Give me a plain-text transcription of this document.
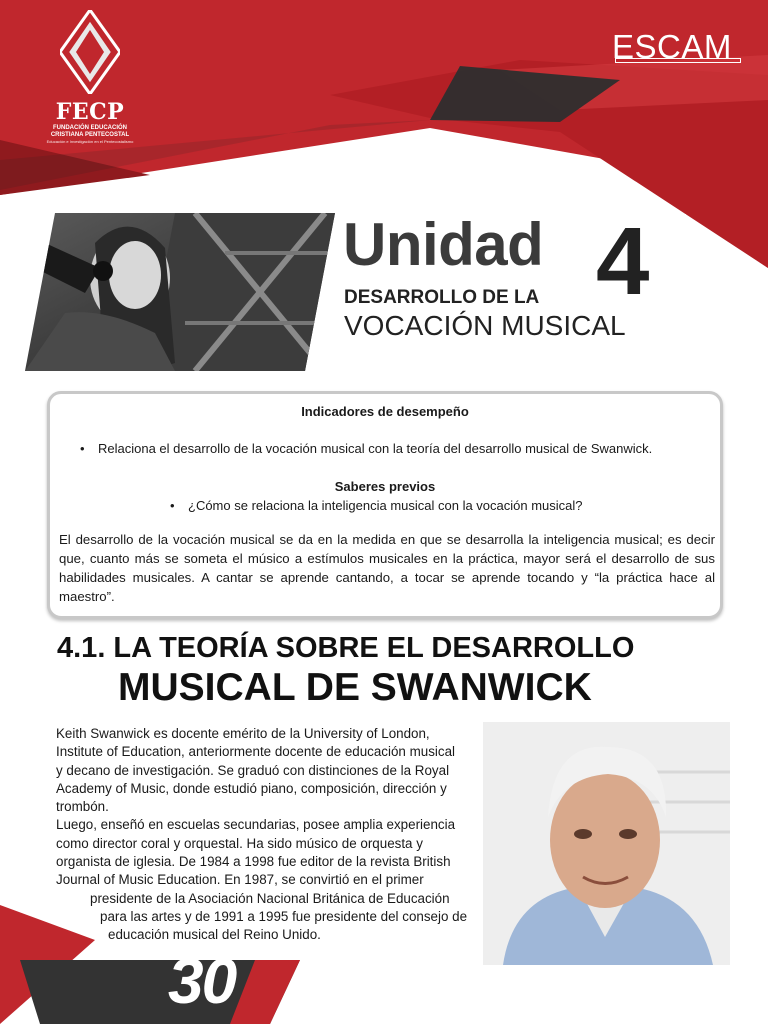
FECP
FUNDACIÓN EDUCACIÓN
CRISTIANA PENTECOSTAL
Educación e Investigación en el Pentecostalismo
ESCAM
Unidad 4
DESARROLLO DE LA
VOCACIÓN MUSICAL
Indicadores de desempeño
• Relaciona el desarrollo de la vocación musical con la teoría del desarrollo musical de Swanwick.
Saberes previos
• ¿Cómo se relaciona la inteligencia musical con la vocación musical?
El desarrollo de la vocación musical se da en la medida en que se desarrolla la inteligencia musical; es decir que, cuanto más se someta el músico a estímulos musicales en la práctica, mayor será el desarrollo de sus habilidades musicales. A cantar se aprende cantando, a tocar se aprende tocando y “la práctica hace al maestro”.
4.1. LA TEORÍA SOBRE EL DESARROLLO
MUSICAL DE SWANWICK
Keith Swanwick es docente emérito de la University of London,
Institute of Education, anteriormente docente de educación musical
y decano de investigación. Se graduó con distinciones de la Royal
Academy of Music, donde estudió piano, composición, dirección y
trombón.
Luego, enseñó en escuelas secundarias, posee amplia experiencia
como director coral y orquestal. Ha sido músico de orquesta y
organista de iglesia. De 1984 a 1998 fue editor de la revista British
Journal of Music Education. En 1987, se convirtió en el primer
presidente de la Asociación Nacional Británica de Educación
para las artes y de 1991 a 1995 fue presidente del consejo de
educación musical del Reino Unido.
30
